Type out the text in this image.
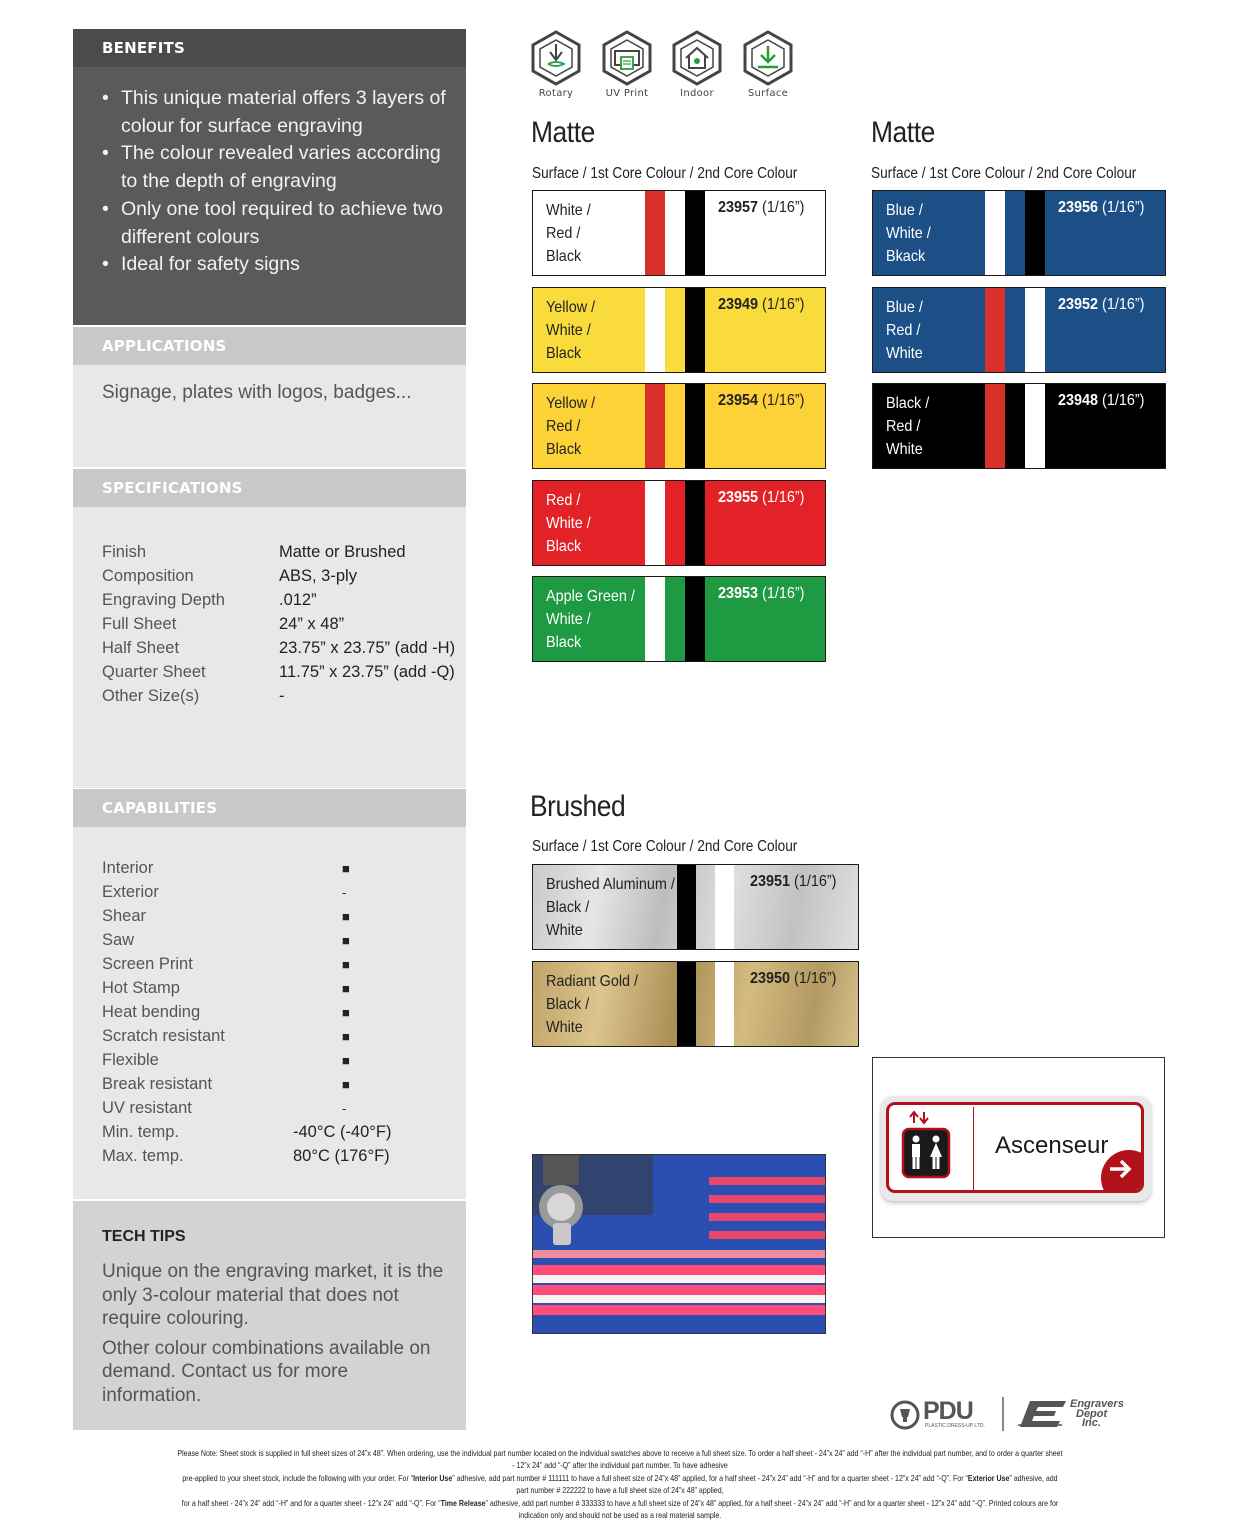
BENEFITS
• This unique material offers 3 layers of colour for surface engraving
• The colour revealed varies according to the depth of engraving
• Only one tool required to achieve two different colours
• Ideal for safety signs
APPLICATIONS

Signage, plates with logos, badges...

SPECIFICATIONS
Finish	Matte or Brushed
Composition	ABS, 3-ply
Engraving Depth	.012”
Full Sheet	24” x 48”
Half Sheet	23.75” x 23.75” (add -H)
Quarter Sheet	11.75” x 23.75” (add -Q)
Other Size(s)	-
CAPABILITIES
Interior	■
Exterior	-
Shear	■
Saw	■
Screen Print	■
Hot Stamp	■
Heat bending	■
Scratch resistant	■
Flexible	■
Break resistant	■
UV resistant	-
Min. temp.	-40°C (-40°F)
Max. temp.	80°C (176°F)
TECH TIPS

Unique on the engraving market, it is the only 3-colour material that does not require colouring.

Other colour combinations available on demand. Contact us for more information.

Rotary	UV Print	Indoor	Surface
Matte
Surface / 1st Core Colour / 2nd Core Colour
White /
Red /
Black
23957 (1/16”)
Yellow /
White /
Black
23949 (1/16”)
Yellow /
Red /
Black
23954 (1/16”)
Red /
White /
Black
23955 (1/16”)
Apple Green /
White /
Black
23953 (1/16”)
Matte
Surface / 1st Core Colour / 2nd Core Colour
Blue /
White /
Bkack
23956 (1/16”)
Blue /
Red /
White
23952 (1/16”)
Black /
Red /
White
23948 (1/16”)
Brushed
Surface / 1st Core Colour / 2nd Core Colour
Brushed Aluminum /
Black /
White
23951 (1/16”)
Radiant Gold /
Black /
White
23950 (1/16”)
Ascenseur
PDU
PLASTIC DRESS-UP LTD.
Engravers
Depot
Inc.
Please Note: Sheet stock is supplied in full sheet sizes of 24”x 48”. When ordering, use the individual part number located on the individual swatches above to receive a full sheet size. To order a half sheet - 24”x 24” add “-H” after the individual part number, and to order a quarter sheet - 12”x 24” add “-Q” after the individual part number. To have adhesive
pre-applied to your sheet stock, include the following with your order. For “Interior Use” adhesive, add part number # 111111 to have a full sheet size of 24”x 48” applied, for a half sheet - 24”x 24” add “-H” and for a quarter sheet - 12”x 24” add “-Q”. For “Exterior Use” adhesive, add part number # 222222 to have a full sheet size of 24”x 48” applied,
for a half sheet - 24”x 24” add “-H” and for a quarter sheet - 12”x 24” add “-Q”. For “Time Release” adhesive, add part number # 333333 to have a full sheet size of 24”x 48” applied, for a half sheet - 24”x 24” add “-H” and for a quarter sheet - 12”x 24” add “-Q”. Printed colours are for indication only and should not be used as a real material sample.
